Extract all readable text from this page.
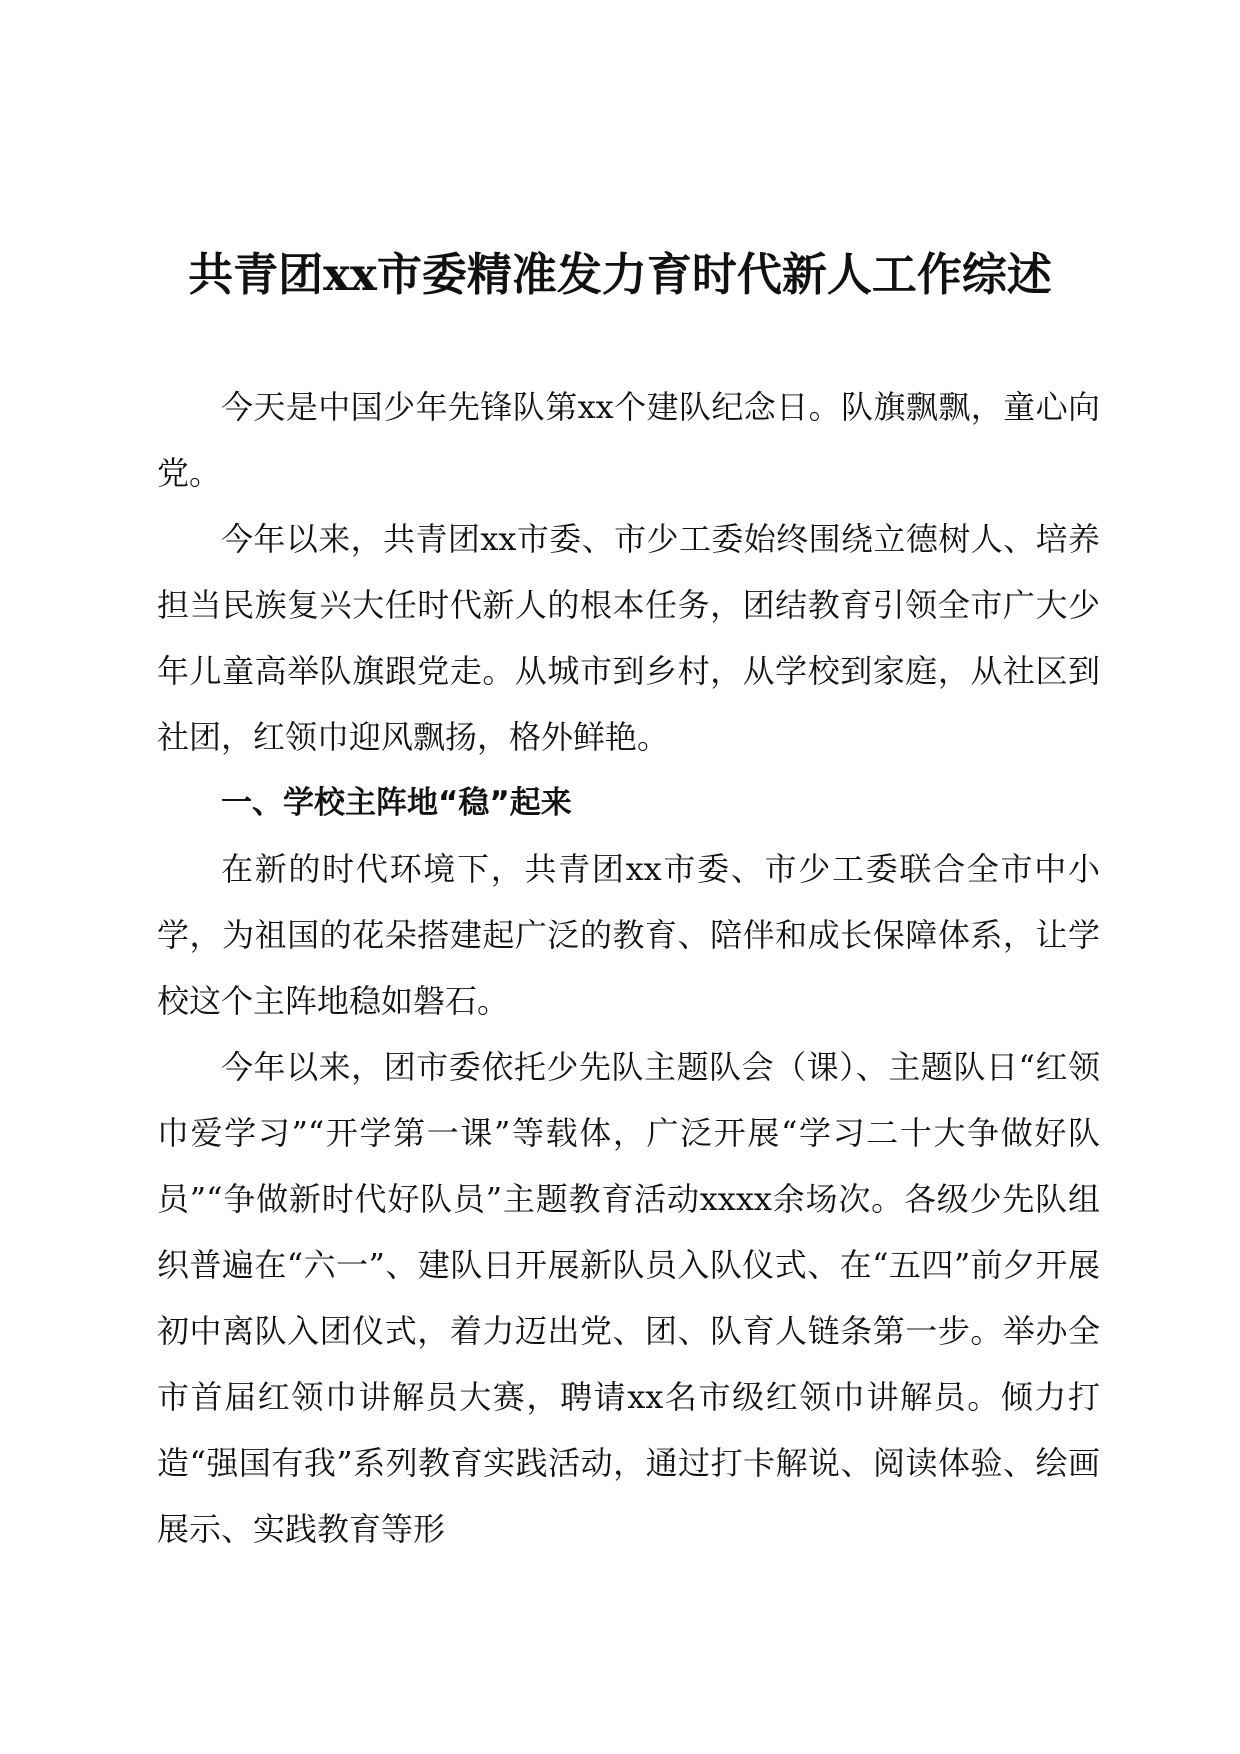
共青团xx市委精准发力育时代新人工作综述

今天是中国少年先锋队第xx个建队纪念日。队旗飘飘，童心向党。

今年以来，共青团xx市委、市少工委始终围绕立德树人、培养担当民族复兴大任时代新人的根本任务，团结教育引领全市广大少年儿童高举队旗跟党走。从城市到乡村，从学校到家庭，从社区到社团，红领巾迎风飘扬，格外鲜艳。

一、学校主阵地“稳”起来

在新的时代环境下，共青团xx市委、市少工委联合全市中小学，为祖国的花朵搭建起广泛的教育、陪伴和成长保障体系，让学校这个主阵地稳如磐石。

今年以来，团市委依托少先队主题队会（课）、主题队日“红领巾爱学习”“开学第一课”等载体，广泛开展“学习二十大争做好队员”“争做新时代好队员”主题教育活动xxxx余场次。各级少先队组织普遍在“六一”、建队日开展新队员入队仪式、在“五四”前夕开展初中离队入团仪式，着力迈出党、团、队育人链条第一步。举办全市首届红领巾讲解员大赛，聘请xx名市级红领巾讲解员。倾力打造“强国有我”系列教育实践活动，通过打卡解说、阅读体验、绘画展示、实践教育等形
